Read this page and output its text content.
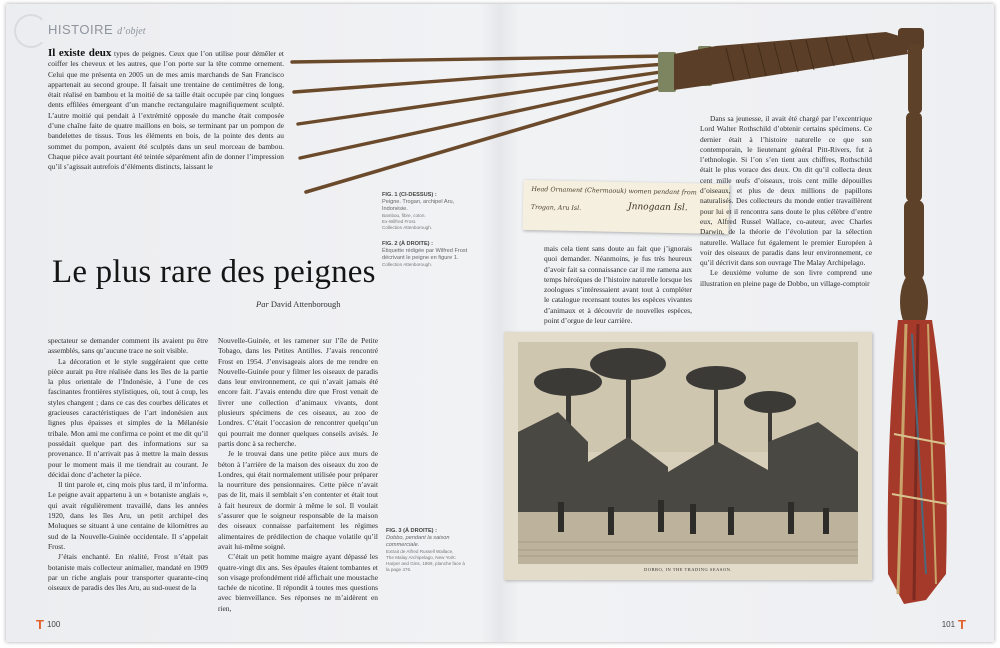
HISTOIRE d’objet

Il existe deux types de peignes. Ceux que l’on utilise pour démêler et coiffer les cheveux et les autres, que l’on porte sur la tête comme ornement. Celui que me présenta en 2005 un de mes amis marchands de San Francisco appartenait au second groupe. Il faisait une trentaine de centimètres de long, était réalisé en bambou et la moitié de sa taille était occupée par cinq longues dents effilées émergeant d’un manche rectangulaire magnifiquement sculpté. L’autre moitié qui pendait à l’extrémité opposée du manche était composée d’une chaîne faite de quatre maillons en bois, se terminant par un pompon de bandelettes de tissus. Tous les éléments en bois, de la pointe des dents au sommet du pompon, avaient été sculptés dans un seul morceau de bambou. Chaque pièce avait pourtant été teintée séparément afin de donner l’impression qu’il s’agissait autrefois d’éléments distincts, laissant le

FIG. 1 (CI-DESSUS) :
Peigne. Trogan, archipel Aru, Indonésie.
Bambou, fibre, coton.
Ex-Wilfred Frost.
Collection Attenborough.
FIG. 2 (À DROITE) :
Étiquette rédigée par Wilfred Frost décrivant le peigne en figure 1.
Collection Attenborough.
Head Ornament (Chermaouk) women pendant from
Trogan, Aru Isl.	Jnnogaan Isl.
Le plus rare des peignes
Par David Attenborough

spectateur se demander comment ils avaient pu être assemblés, sans qu’aucune trace ne soit visible.

La décoration et le style suggéraient que cette pièce aurait pu être réalisée dans les îles de la partie la plus orientale de l’Indonésie, à l’une de ces fascinantes frontières stylistiques, où, tout à coup, les styles changent ; dans ce cas des courbes délicates et gracieuses caractéristiques de l’art indonésien aux lignes plus épaisses et simples de la Mélanésie tribale. Mon ami me confirma ce point et me dit qu’il possédait quelque part des informations sur sa provenance. Il n’arrivait pas à mettre la main dessus pour le moment mais il me tiendrait au courant. Je décidai donc d’acheter la pièce.

Il tint parole et, cinq mois plus tard, il m’informa. Le peigne avait appartenu à un « botaniste anglais », qui avait régulièrement travaillé, dans les années 1920, dans les îles Aru, un petit archipel des Moluques se situant à une centaine de kilomètres au sud de la Nouvelle-Guinée occidentale. Il s’appelait Frost.

J’étais enchanté. En réalité, Frost n’était pas botaniste mais collecteur animalier, mandaté en 1909 par un riche anglais pour transporter quarante-cinq oiseaux de paradis des îles Aru, au sud-ouest de la

Nouvelle-Guinée, et les ramener sur l’île de Petite Tobago, dans les Petites Antilles. J’avais rencontré Frost en 1954. J’envisageais alors de me rendre en Nouvelle-Guinée pour y filmer les oiseaux de paradis dans leur environnement, ce qui n’avait jamais été encore fait. J’avais entendu dire que Frost venait de livrer une collection d’animaux vivants, dont plusieurs spécimens de ces oiseaux, au zoo de Londres. C’était l’occasion de rencontrer quelqu’un qui pourrait me donner quelques conseils avisés. Je partis donc à sa recherche.

Je le trouvai dans une petite pièce aux murs de béton à l’arrière de la maison des oiseaux du zoo de Londres, qui était normalement utilisée pour préparer la nourriture des pensionnaires. Cette pièce n’avait pas de lit, mais il semblait s’en contenter et était tout à fait heureux de dormir à même le sol. Il voulait s’assurer que le soigneur responsable de la maison des oiseaux connaisse parfaitement les régimes alimentaires de prédilection de chaque volatile qu’il avait lui-même soigné.

C’était un petit homme maigre ayant dépassé les quatre-vingt dix ans. Ses épaules étaient tombantes et son visage profondément ridé affichait une moustache tachée de nicotine. Il répondit à toutes mes questions avec bienveillance. Ses réponses ne m’aidèrent en rien,

FIG. 3 (À DROITE) :
Dobbo, pendant la saison commerciale.
Extrait de Alfred Russell Wallace,
The Malay Archipelago, New York:
Harper and Gins, 1869, planche face à
la page 476.

mais cela tient sans doute au fait que j’ignorais quoi demander. Néanmoins, je fus très heureux d’avoir fait sa connaissance car il me ramena aux temps héroïques de l’histoire naturelle lorsque les zoologues s’intéressaient avant tout à compléter le catalogue recensant toutes les espèces vivantes d’animaux et à découvrir de nouvelles espèces, point d’orgue de leur carrière.

Dans sa jeunesse, il avait été chargé par l’excentrique Lord Walter Rothschild d’obtenir certains spécimens. Ce dernier était à l’histoire naturelle ce que son contemporain, le lieutenant général Pitt-Rivers, fut à l’ethnologie. Si l’on s’en tient aux chiffres, Rothschild était le plus vorace des deux. On dit qu’il collecta deux cent mille œufs d’oiseaux, trois cent mille dépouilles d’oiseaux, et plus de deux millions de papillons naturalisés. Des collecteurs du monde entier travaillèrent pour lui et il rencontra sans doute le plus célèbre d’entre eux, Alfred Russel Wallace, co-auteur, avec Charles Darwin, de la théorie de l’évolution par la sélection naturelle. Wallace fut également le premier Européen à voir des oiseaux de paradis dans leur environnement, ce qu’il décrivit dans son ouvrage The Malay Archipelago.

Le deuxième volume de son livre comprend une illustration en pleine page de Dobbo, un village-comptoir

DOBBO, IN THE TRADING SEASON.
T 100	101 T
